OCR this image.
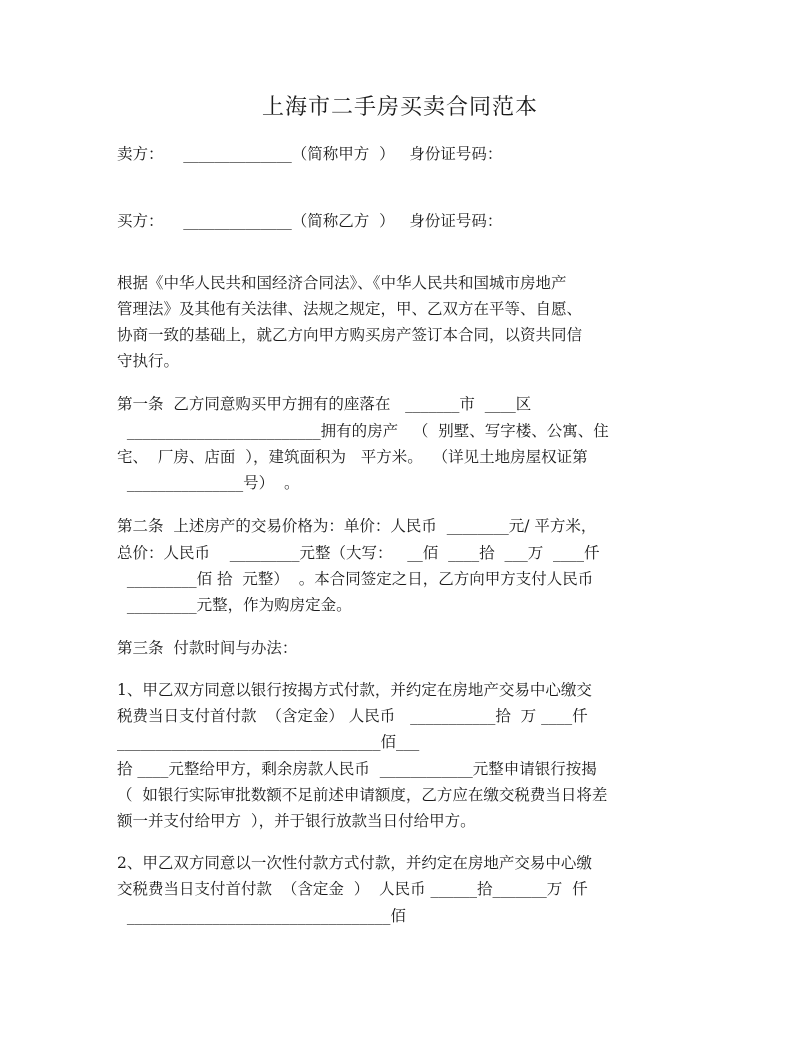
上海市二手房买卖合同范本
卖方：    ______________（简称甲方  ）   身份证号码：
买方：    ______________（简称乙方  ）   身份证号码：
根据《中华人民共和国经济合同法》、《中华人民共和国城市房地产
管理法》及其他有关法律、法规之规定，甲、乙双方在平等、自愿、
协商一致的基础上，就乙方向甲方购买房产签订本合同，以资共同信
守执行。
第一条  乙方同意购买甲方拥有的座落在   _______市  ____区
_________________________拥有的房产   （  别墅、写字楼、公寓、住
宅、  厂房、店面  ），建筑面积为   平方米。  （详见土地房屋权证第
_______________号）  。
第二条  上述房产的交易价格为：单价：人民币  ________元/ 平方米，
总价：人民币    _________元整（大写：   __佰  ____拾  ___万  ____仟
_________佰 拾  元整）  。本合同签定之日，乙方向甲方支付人民币
_________元整，作为购房定金。
第三条  付款时间与办法：
1、甲乙双方同意以银行按揭方式付款，并约定在房地产交易中心缴交
税费当日支付首付款  （含定金） 人民币   ___________拾  万 ____仟
__________________________________佰___
拾 ____元整给甲方，剩余房款人民币  ____________元整申请银行按揭
（  如银行实际审批数额不足前述申请额度，乙方应在缴交税费当日将差
额一并支付给甲方  ），并于银行放款当日付给甲方。
2、甲乙双方同意以一次性付款方式付款，并约定在房地产交易中心缴
交税费当日支付首付款  （含定金  ）  人民币 ______拾_______万  仟
__________________________________佰
